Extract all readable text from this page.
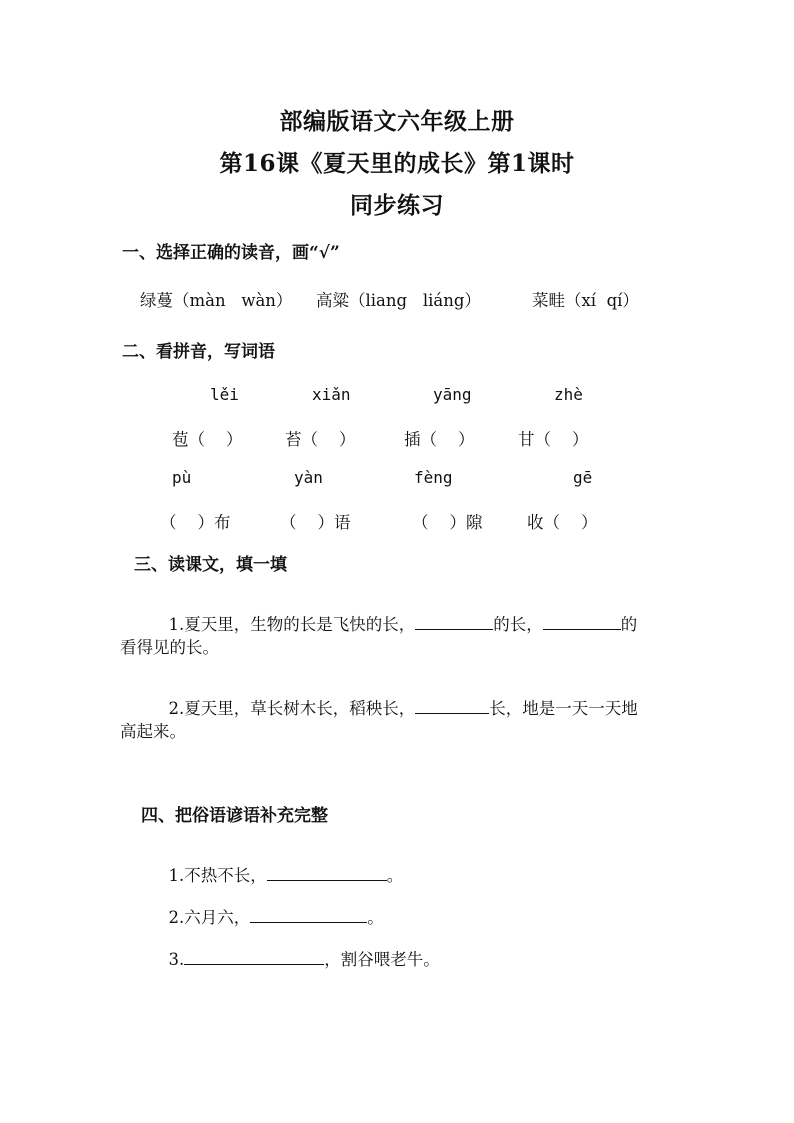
部编版语文六年级上册
第16课《夏天里的成长》第1课时
同步练习
一、选择正确的读音，画“√”
绿蔓（màn   wàn） 高粱（liang   liáng）	菜畦（xí  qí）
二、看拼音，写词语
lěi	xiǎn	yāng	zhè
苞（    ）	苔（    ）	插（    ）	甘（    ）
pù	yàn	fèng	gē
（    ）布	（    ）语	（    ）隙	收（    ）
三、读课文，填一填

1.夏天里，生物的长是飞快的长，	的长，	的

看得见的长。

2.夏天里，草长树木长，稻秧长，	长，地是一天一天地

高起来。
四、把俗语谚语补充完整

1.不热不长，	。

2.六月六，	。

3.	，割谷喂老牛。
